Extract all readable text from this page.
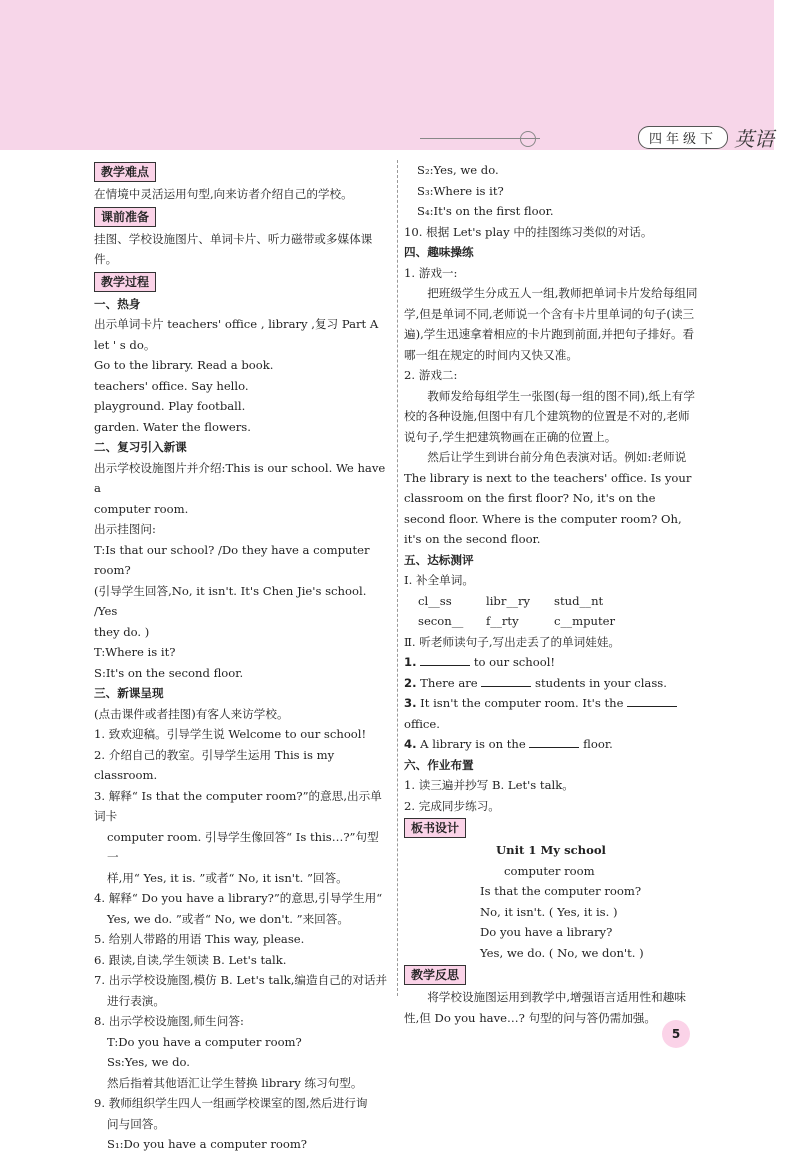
四年级下 英语
教学难点

在情境中灵活运用句型,向来访者介绍自己的学校。

课前准备

挂图、学校设施图片、单词卡片、听力磁带或多媒体课件。

教学过程

一、热身

出示单词卡片 teachers' office , library ,复习 Part A let ' s do。

Go to the library. Read a book.

teachers' office. Say hello.

playground. Play football.

garden. Water the flowers.

二、复习引入新课

出示学校设施图片并介绍:This is our school. We have a

computer room.

出示挂图问:

T:Is that our school? /Do they have a computer room?

(引导学生回答,No, it isn't. It's Chen Jie's school. /Yes

they do. )

T:Where is it?

S:It's on the second floor.

三、新课呈现

(点击课件或者挂图)有客人来访学校。

1. 致欢迎稿。引导学生说 Welcome to our school!

2. 介绍自己的教室。引导学生运用 This is my classroom.

3. 解释“ Is that the computer room?”的意思,出示单词卡

computer room. 引导学生像回答“ Is this…?”句型一

样,用“ Yes, it is. ”或者“ No, it isn't. ”回答。

4. 解释“ Do you have a library?”的意思,引导学生用“

Yes, we do. ”或者“ No, we don't. ”来回答。

5. 给别人带路的用语 This way, please.

6. 跟读,自读,学生领读 B. Let's talk.

7. 出示学校设施图,模仿 B. Let's talk,编造自己的对话并

进行表演。

8. 出示学校设施图,师生问答:

T:Do you have a computer room?

Ss:Yes, we do.

然后指着其他语汇让学生替换 library 练习句型。

9. 教师组织学生四人一组画学校课室的图,然后进行询

问与回答。

S₁:Do you have a computer room?

S₂:Yes, we do.

S₃:Where is it?

S₄:It's on the first floor.

10. 根据 Let's play 中的挂图练习类似的对话。

四、趣味操练

1. 游戏一:

把班级学生分成五人一组,教师把单词卡片发给每组同学,但是单词不同,老师说一个含有卡片里单词的句子(读三遍),学生迅速拿着相应的卡片跑到前面,并把句子排好。看哪一组在规定的时间内又快又准。

2. 游戏二:

教师发给每组学生一张图(每一组的图不同),纸上有学校的各种设施,但图中有几个建筑物的位置是不对的,老师说句子,学生把建筑物画在正确的位置上。

然后让学生到讲台前分角色表演对话。例如:老师说 The library is next to the teachers' office. Is your classroom on the first floor? No, it's on the second floor. Where is the computer room? Oh, it's on the second floor.

五、达标测评

Ⅰ. 补全单词。

cl__ss	libr__ry	stud__nt
secon__	f__rty	c__mputer

Ⅱ. 听老师读句子,写出走丢了的单词娃娃。

1.	to our school!

2. There are	students in your class.

3. It isn't the computer room. It's the  office.

4. A library is on the	floor.

六、作业布置

1. 读三遍并抄写 B. Let's talk。

2. 完成同步练习。

板书设计

Unit 1 My school

computer room

Is that the computer room?

No, it isn't. ( Yes, it is. )

Do you have a library?

Yes, we do. ( No, we don't. )

教学反思

将学校设施图运用到教学中,增强语言适用性和趣味性,但 Do you have…? 句型的问与答仍需加强。

5
